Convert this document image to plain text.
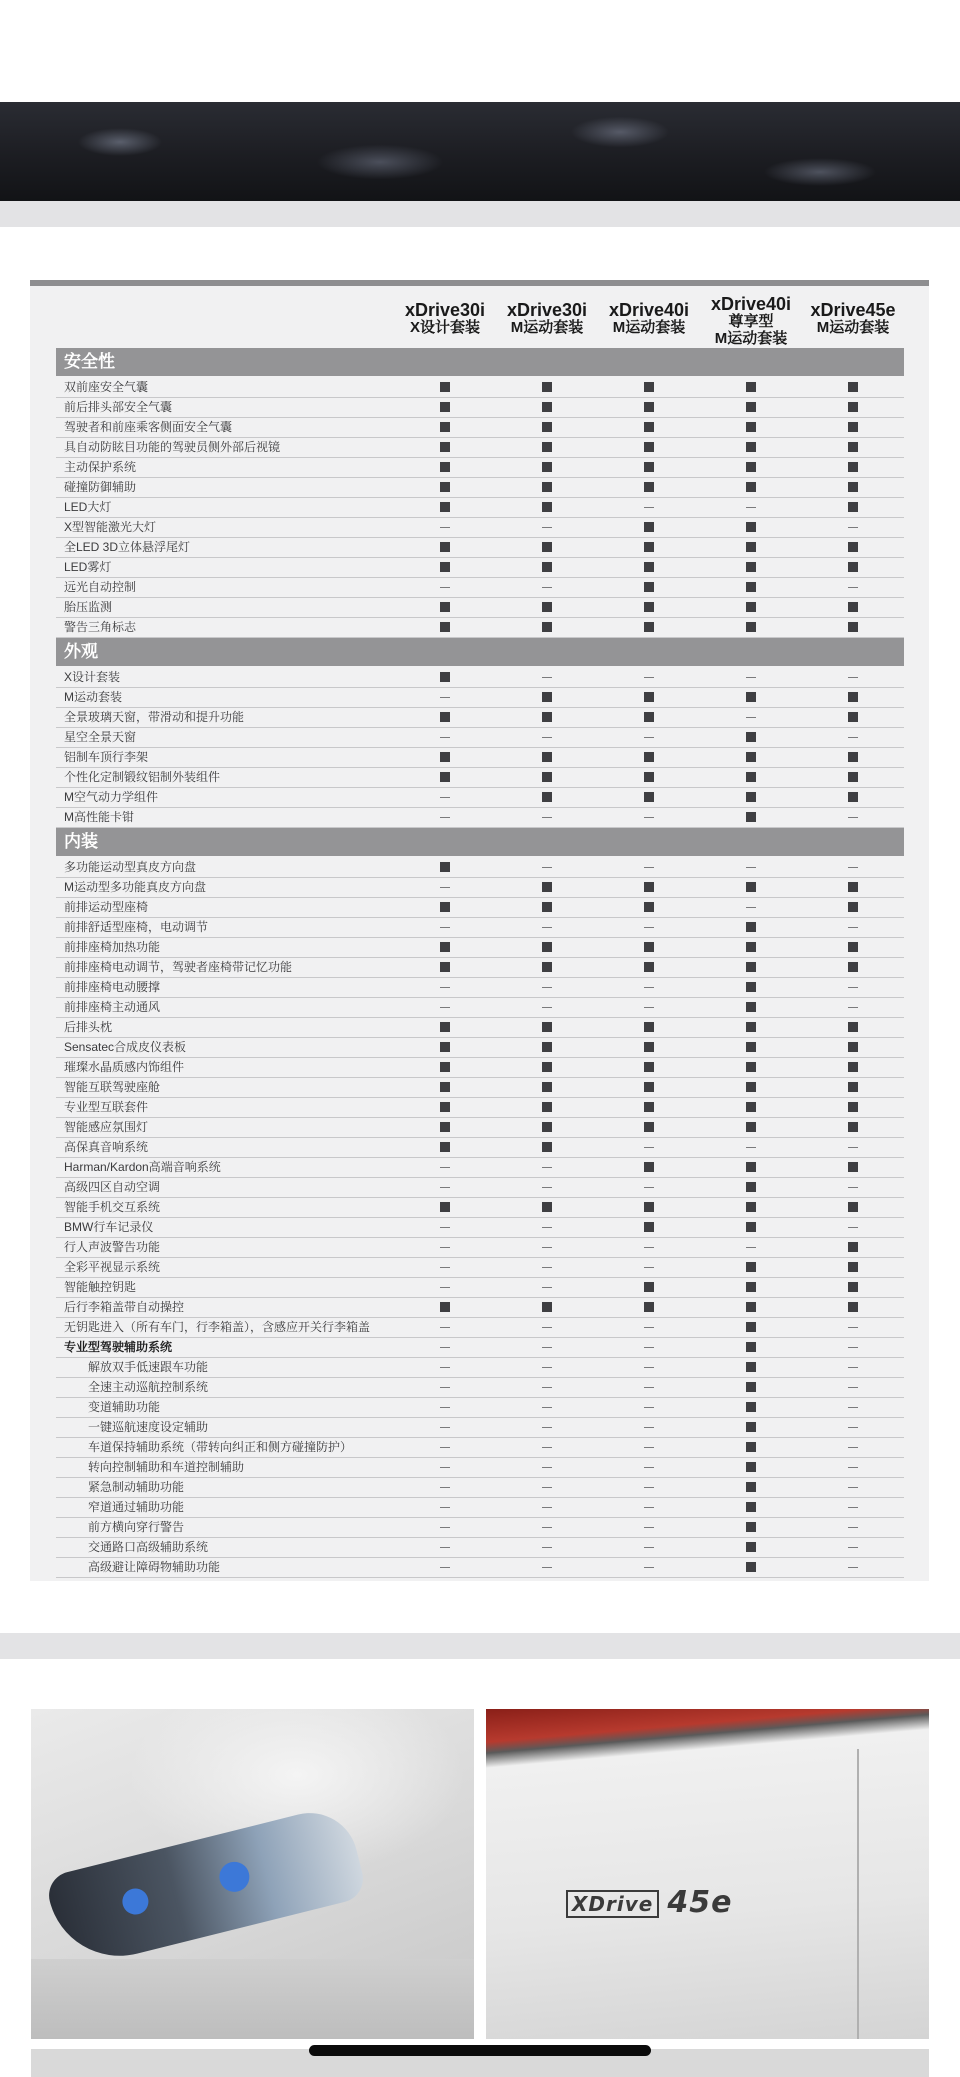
xDrive30i
X设计套装
xDrive30i
M运动套装
xDrive40i
M运动套装
xDrive40i
尊享型
M运动套装
xDrive45e
M运动套装
安全性
双前座安全气囊
前后排头部安全气囊
驾驶者和前座乘客侧面安全气囊
具自动防眩目功能的驾驶员侧外部后视镜
主动保护系统
碰撞防御辅助
LED大灯
X型智能激光大灯
全LED 3D立体悬浮尾灯
LED雾灯
远光自动控制
胎压监测
警告三角标志
外观
X设计套装
M运动套装
全景玻璃天窗，带滑动和提升功能
星空全景天窗
铝制车顶行李架
个性化定制锻纹铝制外装组件
M空气动力学组件
M高性能卡钳
内装
多功能运动型真皮方向盘
M运动型多功能真皮方向盘
前排运动型座椅
前排舒适型座椅，电动调节
前排座椅加热功能
前排座椅电动调节，驾驶者座椅带记忆功能
前排座椅电动腰撑
前排座椅主动通风
后排头枕
Sensatec合成皮仪表板
璀璨水晶质感内饰组件
智能互联驾驶座舱
专业型互联套件
智能感应氛围灯
高保真音响系统
Harman/Kardon高端音响系统
高级四区自动空调
智能手机交互系统
BMW行车记录仪
行人声波警告功能
全彩平视显示系统
智能触控钥匙
后行李箱盖带自动操控
无钥匙进入（所有车门，行李箱盖），含感应开关行李箱盖
专业型驾驶辅助系统
解放双手低速跟车功能
全速主动巡航控制系统
变道辅助功能
一键巡航速度设定辅助
车道保持辅助系统（带转向纠正和侧方碰撞防护）
转向控制辅助和车道控制辅助
紧急制动辅助功能
窄道通过辅助功能
前方横向穿行警告
交通路口高级辅助系统
高级避让障碍物辅助功能
XDrive 45e
